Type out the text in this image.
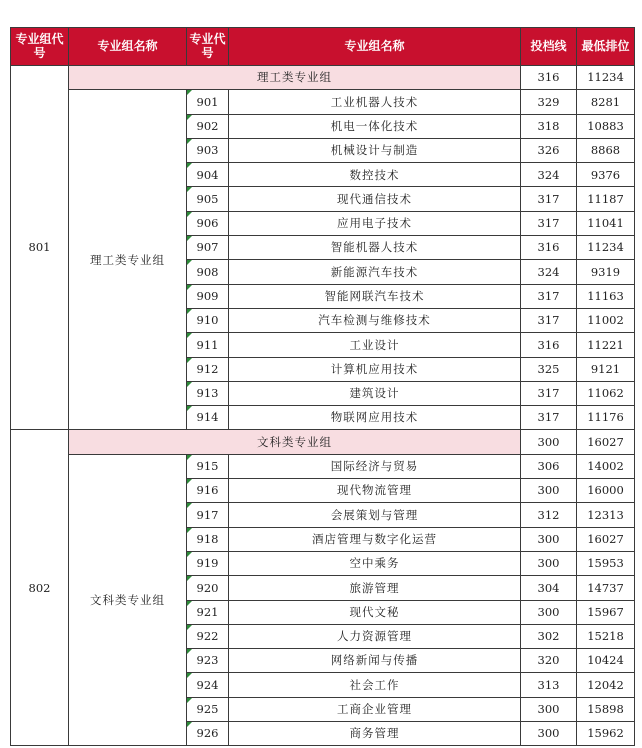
专业组代号	专业组名称	专业代号	专业组名称	投档线	最低排位
801	理工类专业组			316	11234
	理工类专业组	901	工业机器人技术	329	8281
		902	机电一体化技术	318	10883
		903	机械设计与制造	326	8868
		904	数控技术	324	9376
		905	现代通信技术	317	11187
		906	应用电子技术	317	11041
		907	智能机器人技术	316	11234
		908	新能源汽车技术	324	9319
		909	智能网联汽车技术	317	11163
		910	汽车检测与维修技术	317	11002
		911	工业设计	316	11221
		912	计算机应用技术	325	9121
		913	建筑设计	317	11062
		914	物联网应用技术	317	11176
802	文科类专业组			300	16027
	文科类专业组	915	国际经济与贸易	306	14002
		916	现代物流管理	300	16000
		917	会展策划与管理	312	12313
		918	酒店管理与数字化运营	300	16027
		919	空中乘务	300	15953
		920	旅游管理	304	14737
		921	现代文秘	300	15967
		922	人力资源管理	302	15218
		923	网络新闻与传播	320	10424
		924	社会工作	313	12042
		925	工商企业管理	300	15898
		926	商务管理	300	15962
